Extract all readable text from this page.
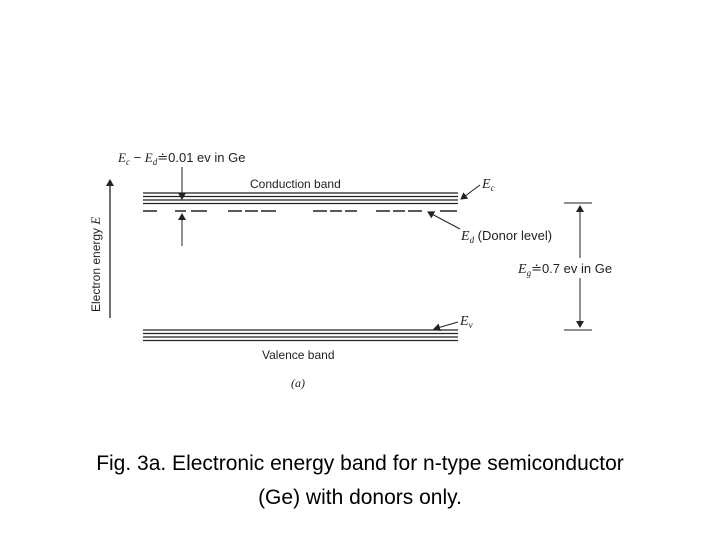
$E_c$ − $E_d≐0.01$ ev in Ge
Electron energy E
Conduction band	$E_c$
$E_d$ (Donor level)
$E_g≐0.7$ ev in Ge
$E_v$
Valence band
(a)
Fig. 3a. Electronic energy band for n-type semiconductor
(Ge) with donors only.
